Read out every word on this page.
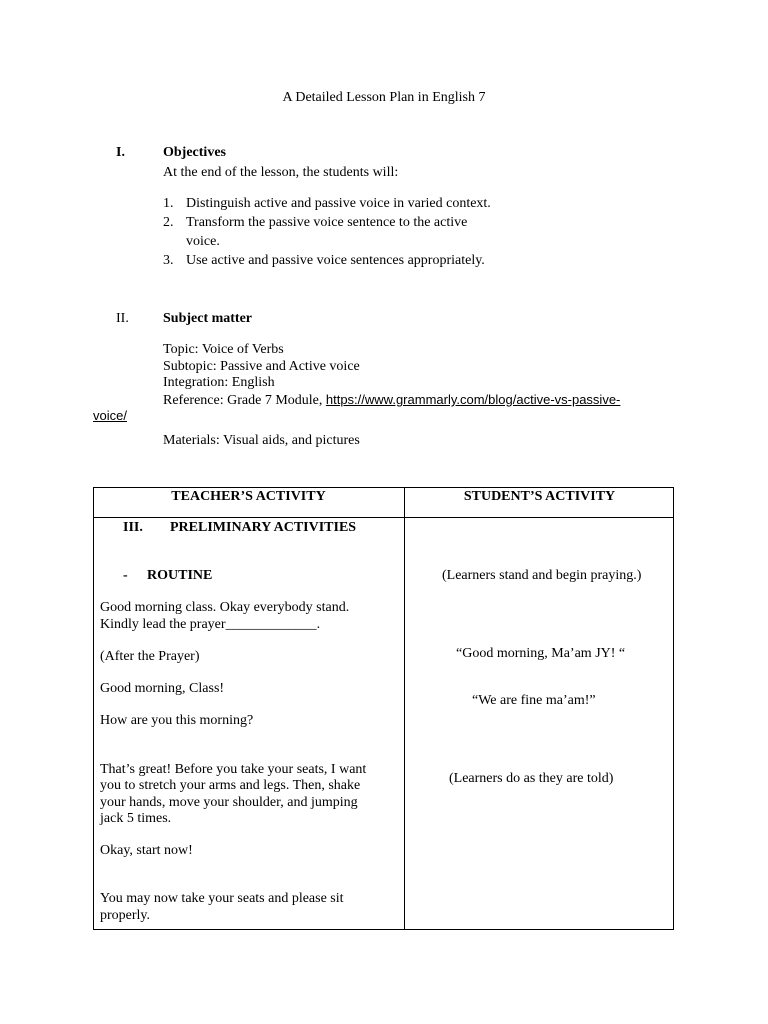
A Detailed Lesson Plan in English 7
I.	Objectives
At the end of the lesson, the students will:
1. Distinguish active and passive voice in varied context.
2. Transform the passive voice sentence to the active
voice.
3. Use active and passive voice sentences appropriately.
II. Subject matter
Topic: Voice of Verbs
Subtopic: Passive and Active voice
Integration: English
Reference: Grade 7 Module, https://www.grammarly.com/blog/active-vs-passive-
voice/
Materials: Visual aids, and pictures
TEACHER’S ACTIVITY	STUDENT’S ACTIVITY
III. PRELIMINARY ACTIVITIES
- ROUTINE
Good morning class. Okay everybody stand.
Kindly lead the prayer_____________.
(After the Prayer)
Good morning, Class!
How are you this morning?
That’s great! Before you take your seats, I want
you to stretch your arms and legs. Then, shake
your hands, move your shoulder, and jumping
jack 5 times.
Okay, start now!
You may now take your seats and please sit
properly.
(Learners stand and begin praying.)
“Good morning, Ma’am JY! “
“We are fine ma’am!”
(Learners do as they are told)
